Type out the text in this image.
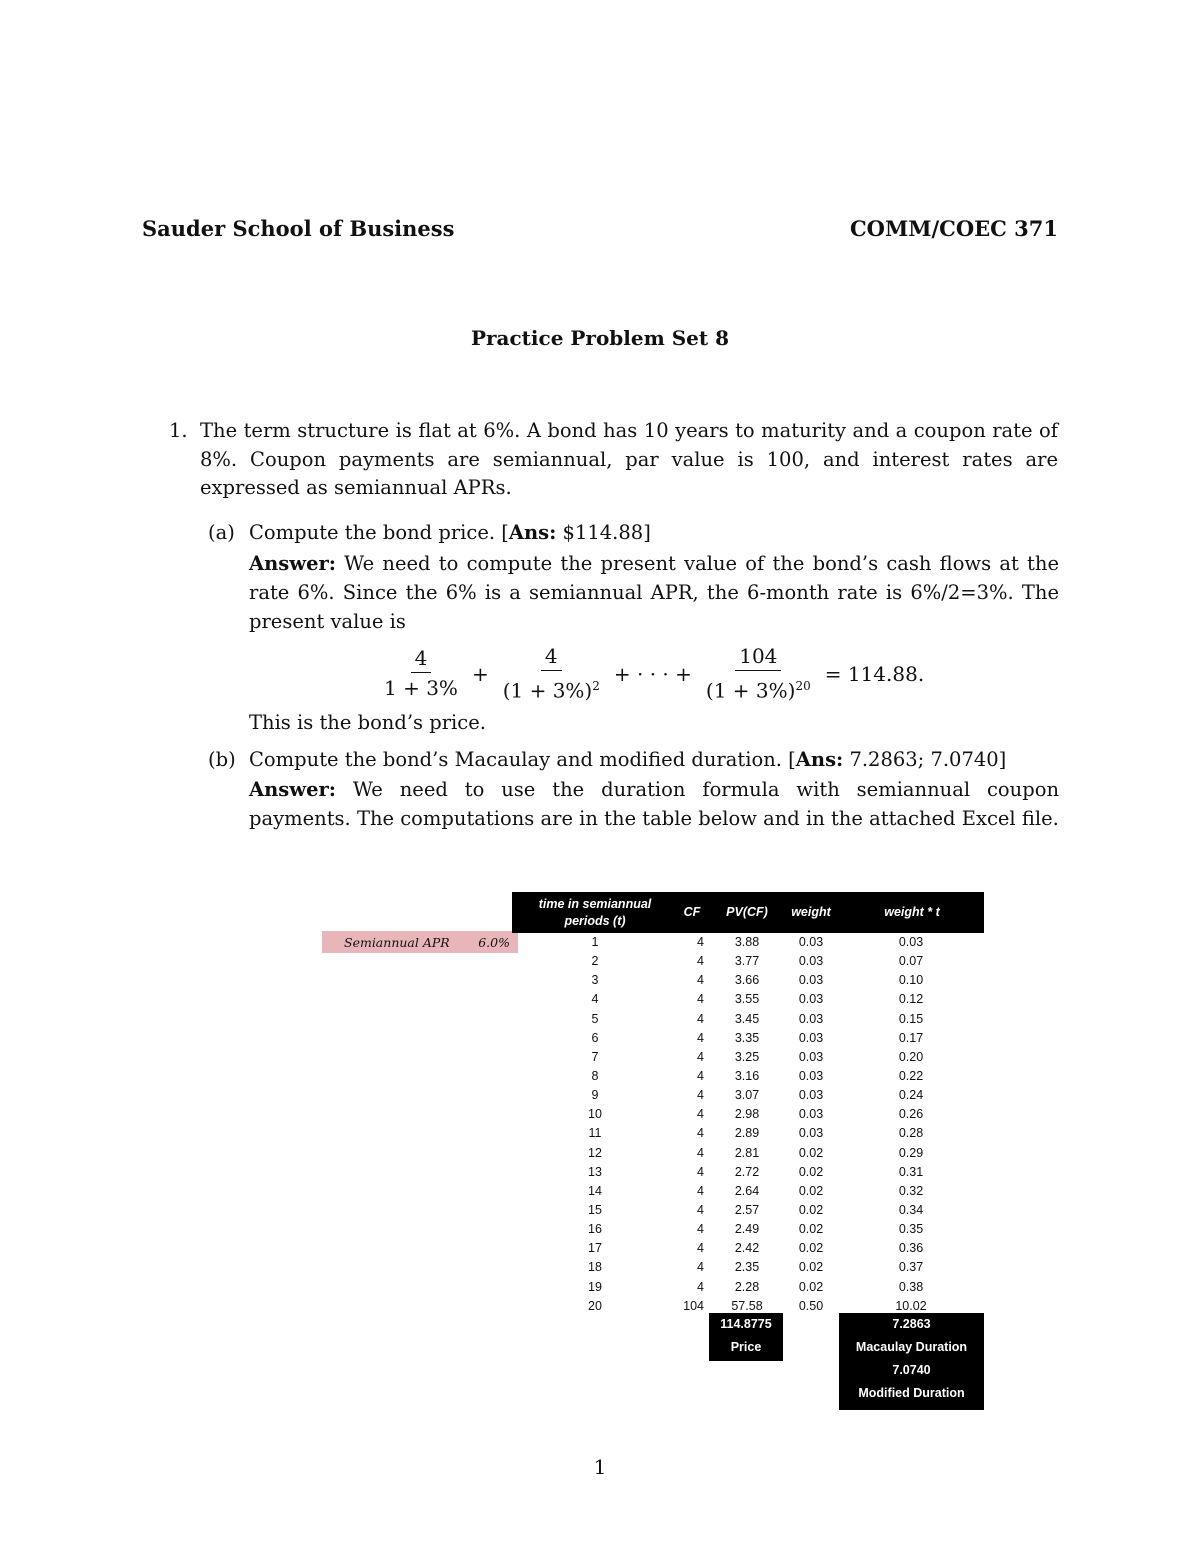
Sauder School of Business	COMM/COEC 371
Practice Problem Set 8
1. The term structure is flat at 6%. A bond has 10 years to maturity and a coupon rate of 8%. Coupon payments are semiannual, par value is 100, and interest rates are expressed as semiannual APRs.
(a) Compute the bond price. [Ans: $114.88]
Answer: We need to compute the present value of the bond’s cash flows at the rate 6%. Since the 6% is a semiannual APR, the 6-month rate is 6%/2=3%. The present value is
$\frac{4}{1 + 3\%} + \frac{4}{(1 + 3\%)^2}$ + · · · + $\frac{104}{(1 + 3\%)^{20}} = 114.88$.
This is the bond’s price.
(b) Compute the bond’s Macaulay and modified duration. [Ans: 7.2863; 7.0740]
Answer: We need to use the duration formula with semiannual coupon payments. The computations are in the table below and in the attached Excel file.
Semiannual APR 6.0%
time in semiannual
periods (t)
CF	PV(CF)	weight	weight * t
1	4	3.88	0.03	0.03
2	4	3.77	0.03	0.07
3	4	3.66	0.03	0.10
4	4	3.55	0.03	0.12
5	4	3.45	0.03	0.15
6	4	3.35	0.03	0.17
7	4	3.25	0.03	0.20
8	4	3.16	0.03	0.22
9	4	3.07	0.03	0.24
10	4	2.98	0.03	0.26
11	4	2.89	0.03	0.28
12	4	2.81	0.02	0.29
13	4	2.72	0.02	0.31
14	4	2.64	0.02	0.32
15	4	2.57	0.02	0.34
16	4	2.49	0.02	0.35
17	4	2.42	0.02	0.36
18	4	2.35	0.02	0.37
19	4	2.28	0.02	0.38
20	104	57.58	0.50	10.02
114.8775
Price
7.2863
Macaulay Duration
7.0740
Modified Duration
1
